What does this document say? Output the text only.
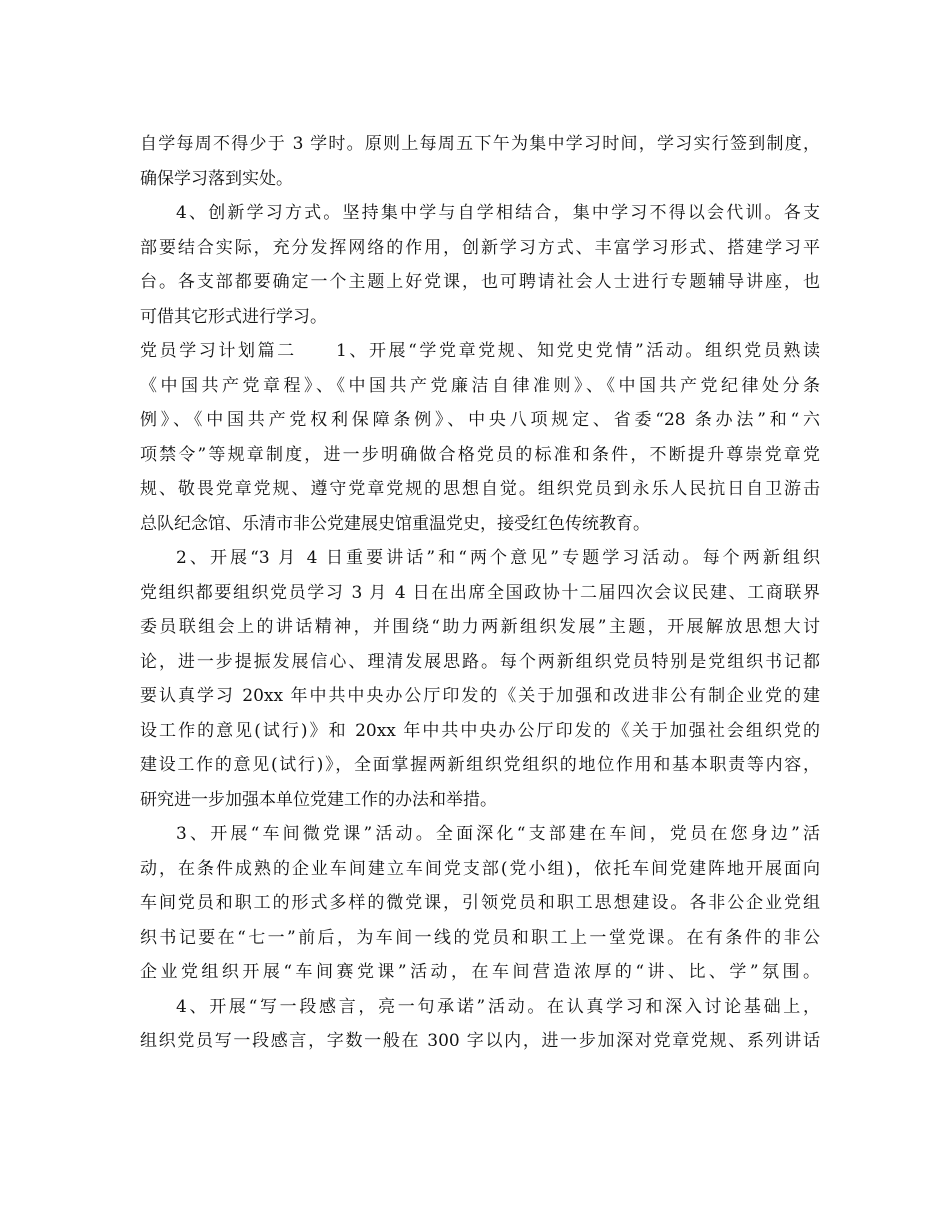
自学每周不得少于 3 学时。原则上每周五下午为集中学习时间，学习实行签到制度，
确保学习落到实处。
4、创新学习方式。坚持集中学与自学相结合，集中学习不得以会代训。各支
部要结合实际，充分发挥网络的作用，创新学习方式、丰富学习形式、搭建学习平
台。各支部都要确定一个主题上好党课，也可聘请社会人士进行专题辅导讲座，也
可借其它形式进行学习。
党员学习计划篇二　　1、开展“学党章党规、知党史党情”活动。组织党员熟读
《中国共产党章程》、《中国共产党廉洁自律准则》、《中国共产党纪律处分条
例》、《中国共产党权利保障条例》、中央八项规定、省委“28 条办法”和“六
项禁令”等规章制度，进一步明确做合格党员的标准和条件，不断提升尊崇党章党
规、敬畏党章党规、遵守党章党规的思想自觉。组织党员到永乐人民抗日自卫游击
总队纪念馆、乐清市非公党建展史馆重温党史，接受红色传统教育。
2、开展“3 月 4 日重要讲话”和“两个意见”专题学习活动。每个两新组织
党组织都要组织党员学习 3 月 4 日在出席全国政协十二届四次会议民建、工商联界
委员联组会上的讲话精神，并围绕“助力两新组织发展”主题，开展解放思想大讨
论，进一步提振发展信心、理清发展思路。每个两新组织党员特别是党组织书记都
要认真学习 20xx 年中共中央办公厅印发的《关于加强和改进非公有制企业党的建
设工作的意见(试行)》和 20xx 年中共中央办公厅印发的《关于加强社会组织党的
建设工作的意见(试行)》，全面掌握两新组织党组织的地位作用和基本职责等内容，
研究进一步加强本单位党建工作的办法和举措。
3、开展“车间微党课”活动。全面深化“支部建在车间，党员在您身边”活
动，在条件成熟的企业车间建立车间党支部(党小组)，依托车间党建阵地开展面向
车间党员和职工的形式多样的微党课，引领党员和职工思想建设。各非公企业党组
织书记要在“七一”前后，为车间一线的党员和职工上一堂党课。在有条件的非公
企业党组织开展“车间赛党课”活动，在车间营造浓厚的“讲、比、学”氛围。
4、开展“写一段感言，亮一句承诺”活动。在认真学习和深入讨论基础上，
组织党员写一段感言，字数一般在 300 字以内，进一步加深对党章党规、系列讲话
